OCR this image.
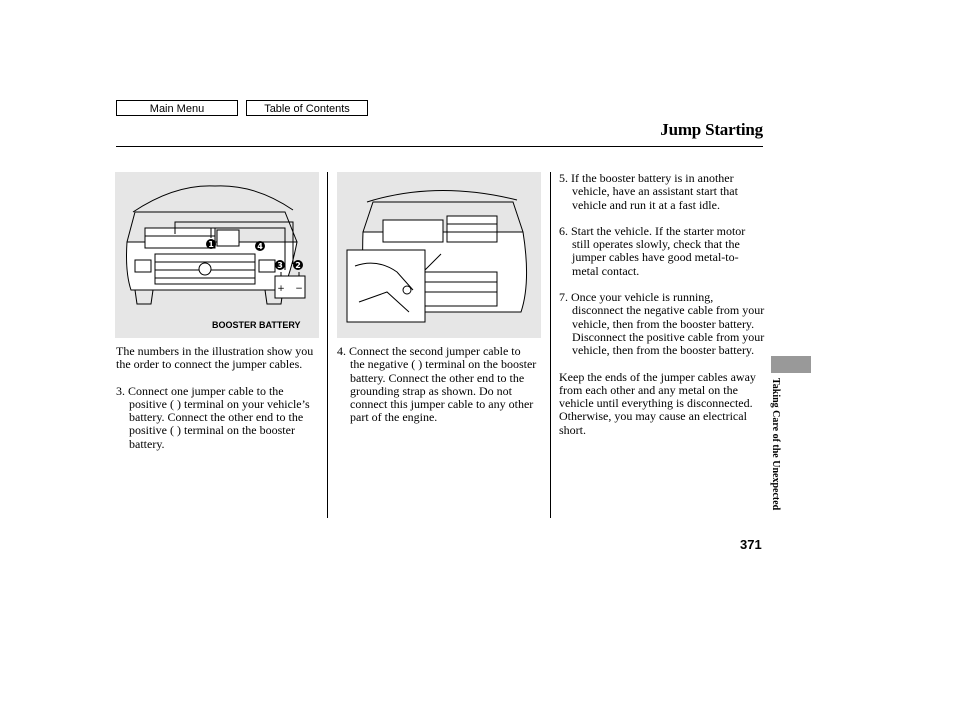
Main Menu	Table of Contents
Jump Starting
+ −
1
2
3
4
BOOSTER BATTERY

The numbers in the illustration show you the order to connect the jumper cables.

3. Connect one jumper cable to the positive ( ) terminal on your vehicle’s battery. Connect the other end to the positive ( ) terminal on the booster battery.

4. Connect the second jumper cable to the negative ( ) terminal on the booster battery. Connect the other end to the grounding strap as shown. Do not connect this jumper cable to any other part of the engine.

5. If the booster battery is in another vehicle, have an assistant start that vehicle and run it at a fast idle.

6. Start the vehicle. If the starter motor still operates slowly, check that the jumper cables have good metal-to-metal contact.

7. Once your vehicle is running, disconnect the negative cable from your vehicle, then from the booster battery. Disconnect the positive cable from your vehicle, then from the booster battery.

Keep the ends of the jumper cables away from each other and any metal on the vehicle until everything is disconnected. Otherwise, you may cause an electrical short.	Taking Care of the Unexpected
371
